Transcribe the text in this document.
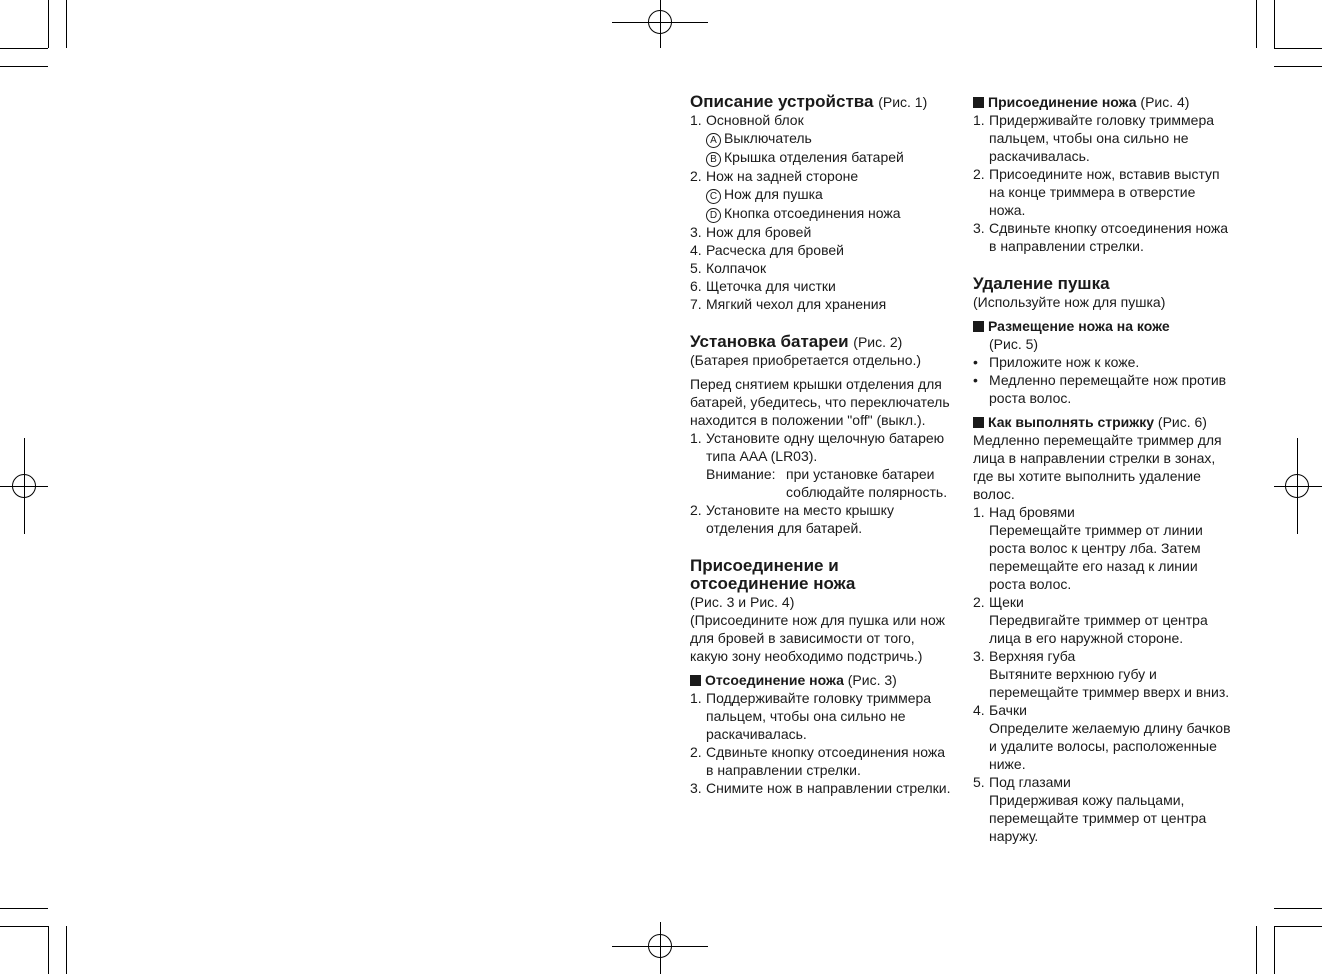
Описание устройства (Рис. 1)
1. Основной блок
A Выключатель
B Крышка отделения батарей
2. Нож на задней стороне
C Нож для пушка
D Кнопка отсоединения ножа
3. Нож для бровей
4. Расческа для бровей
5. Колпачок
6. Щеточка для чистки
7. Мягкий чехол для хранения
Установка батареи (Рис. 2)
(Батарея приобретается отдельно.)
Перед снятием крышки отделения для батарей, убедитесь, что переключатель находится в положении "off" (выкл.).
1. Установите одну щелочную батарею типа AAA (LR03).
Внимание: при установке батареи соблюдайте полярность.
2. Установите на место крышку отделения для батарей.
Присоединение и отсоединение ножа
(Рис. 3 и Рис. 4)
(Присоедините нож для пушка или нож для бровей в зависимости от того, какую зону необходимо подстричь.)
Отсоединение ножа (Рис. 3)
1. Поддерживайте головку триммера пальцем, чтобы она сильно не раскачивалась.
2. Сдвиньте кнопку отсоединения ножа в направлении стрелки.
3. Снимите нож в направлении стрелки.
Присоединение ножа (Рис. 4)
1. Придерживайте головку триммера пальцем, чтобы она сильно не раскачивалась.
2. Присоедините нож, вставив выступ на конце триммера в отверстие ножа.
3. Сдвиньте кнопку отсоединения ножа в направлении стрелки.
Удаление пушка
(Используйте нож для пушка)
Размещение ножа на коже
(Рис. 5)
• Приложите нож к коже.
• Медленно перемещайте нож против роста волос.
Как выполнять стрижку (Рис. 6)
Медленно перемещайте триммер для лица в направлении стрелки в зонах, где вы хотите выполнить удаление волос.
1. Над бровями
Перемещайте триммер от линии роста волос к центру лба. Затем перемещайте его назад к линии роста волос.
2. Щеки
Передвигайте триммер от центра лица в его наружной стороне.
3. Верхняя губа
Вытяните верхнюю губу и перемещайте триммер вверх и вниз.
4. Бачки
Определите желаемую длину бачков и удалите волосы, расположенные ниже.
5. Под глазами
Придерживая кожу пальцами, перемещайте триммер от центра наружу.
